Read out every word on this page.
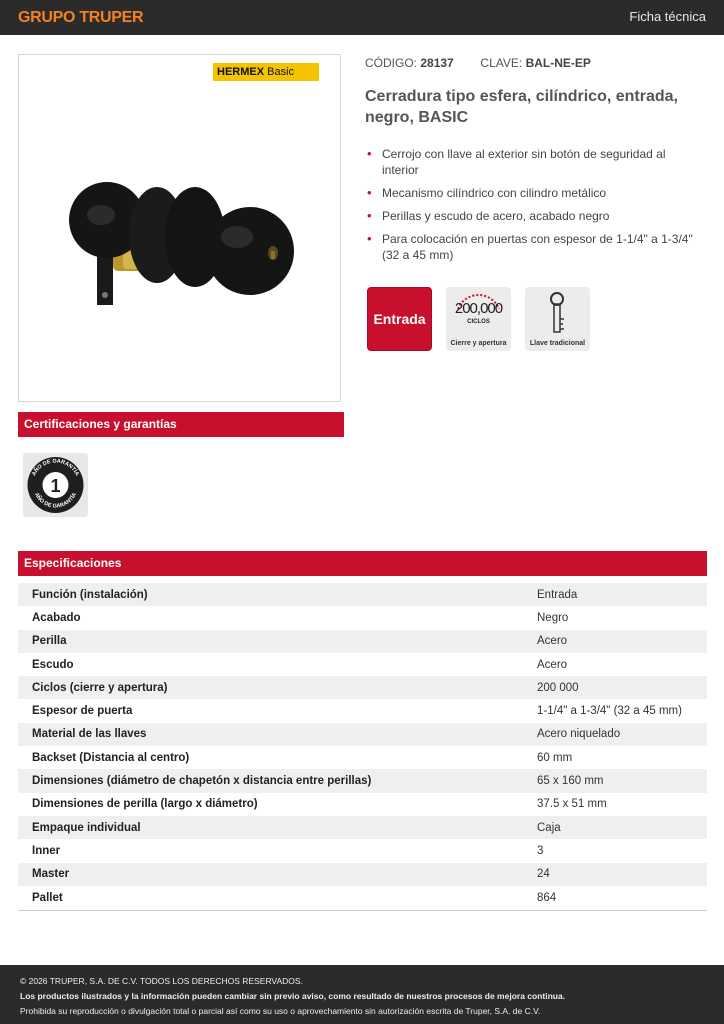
GRUPO TRUPER	Ficha técnica
HERMEX Basic
CÓDIGO: 28137 CLAVE: BAL-NE-EP
Cerradura tipo esfera, cilíndrico, entrada, negro, BASIC
• Cerrojo con llave al exterior sin botón de seguridad al interior
• Mecanismo cilíndrico con cilindro metálico
• Perillas y escudo de acero, acabado negro
• Para colocación en puertas con espesor de 1-1/4" a 1-3/4" (32 a 45 mm)
Entrada
200,000
CICLOS
Cierre y apertura	Llave tradicional
Certificaciones y garantías
AÑO DE GARANTÍA
AÑO DE GARANTÍA
1
Especificaciones
Función (instalación)	Entrada
Acabado	Negro
Perilla	Acero
Escudo	Acero
Ciclos (cierre y apertura)	200 000
Espesor de puerta	1-1/4" a 1-3/4" (32 a 45 mm)
Material de las llaves	Acero niquelado
Backset (Distancia al centro)	60 mm
Dimensiones (diámetro de chapetón x distancia entre perillas)	65 x 160 mm
Dimensiones de perilla (largo x diámetro)	37.5 x 51 mm
Empaque individual	Caja
Inner	3
Master	24
Pallet	864
© 2026 TRUPER, S.A. DE C.V. TODOS LOS DERECHOS RESERVADOS.
Los productos ilustrados y la información pueden cambiar sin previo aviso, como resultado de nuestros procesos de mejora continua.
Prohibida su reproducción o divulgación total o parcial así como su uso o aprovechamiento sin autorización escrita de Truper, S.A. de C.V.
